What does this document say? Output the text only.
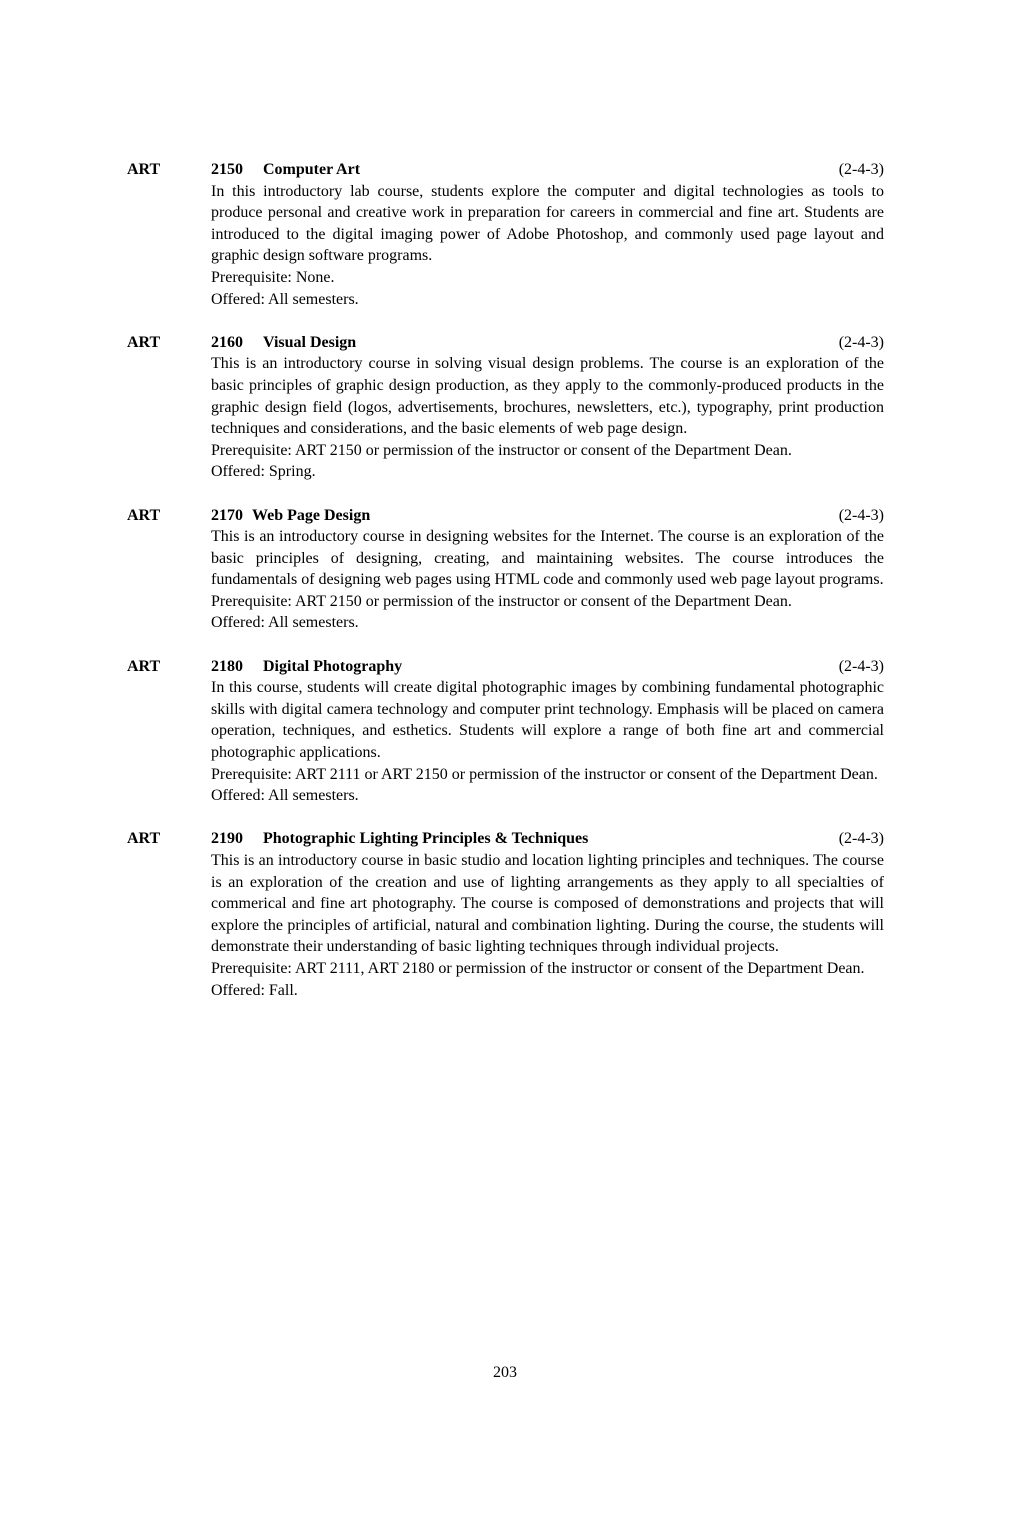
ART	2150 Computer Art	(2-4-3)

In this introductory lab course, students explore the computer and digital technologies as tools to produce personal and creative work in preparation for careers in commercial and fine art. Students are introduced to the digital imaging power of Adobe Photoshop, and commonly used page layout and graphic design software programs.

Prerequisite: None.

Offered: All semesters.

ART	2160 Visual Design	(2-4-3)

This is an introductory course in solving visual design problems. The course is an exploration of the basic principles of graphic design production, as they apply to the commonly-produced products in the graphic design field (logos, advertisements, brochures, newsletters, etc.), typography, print production techniques and considerations, and the basic elements of web page design.

Prerequisite: ART 2150 or permission of the instructor or consent of the Department Dean.

Offered: Spring.

ART	2170 Web Page Design	(2-4-3)

This is an introductory course in designing websites for the Internet. The course is an exploration of the basic principles of designing, creating, and maintaining websites. The course introduces the fundamentals of designing web pages using HTML code and commonly used web page layout programs.

Prerequisite: ART 2150 or permission of the instructor or consent of the Department Dean.

Offered: All semesters.

ART	2180 Digital Photography	(2-4-3)

In this course, students will create digital photographic images by combining fundamental photographic skills with digital camera technology and computer print technology. Emphasis will be placed on camera operation, techniques, and esthetics. Students will explore a range of both fine art and commercial photographic applications.

Prerequisite: ART 2111 or ART 2150 or permission of the instructor or consent of the Department Dean.

Offered: All semesters.

ART	2190 Photographic Lighting Principles & Techniques	(2-4-3)

This is an introductory course in basic studio and location lighting principles and techniques. The course is an exploration of the creation and use of lighting arrangements as they apply to all specialties of commerical and fine art photography. The course is composed of demonstrations and projects that will explore the principles of artificial, natural and combination lighting. During the course, the students will demonstrate their understanding of basic lighting techniques through individual projects.

Prerequisite: ART 2111, ART 2180 or permission of the instructor or consent of the Department Dean.

Offered: Fall.

203
